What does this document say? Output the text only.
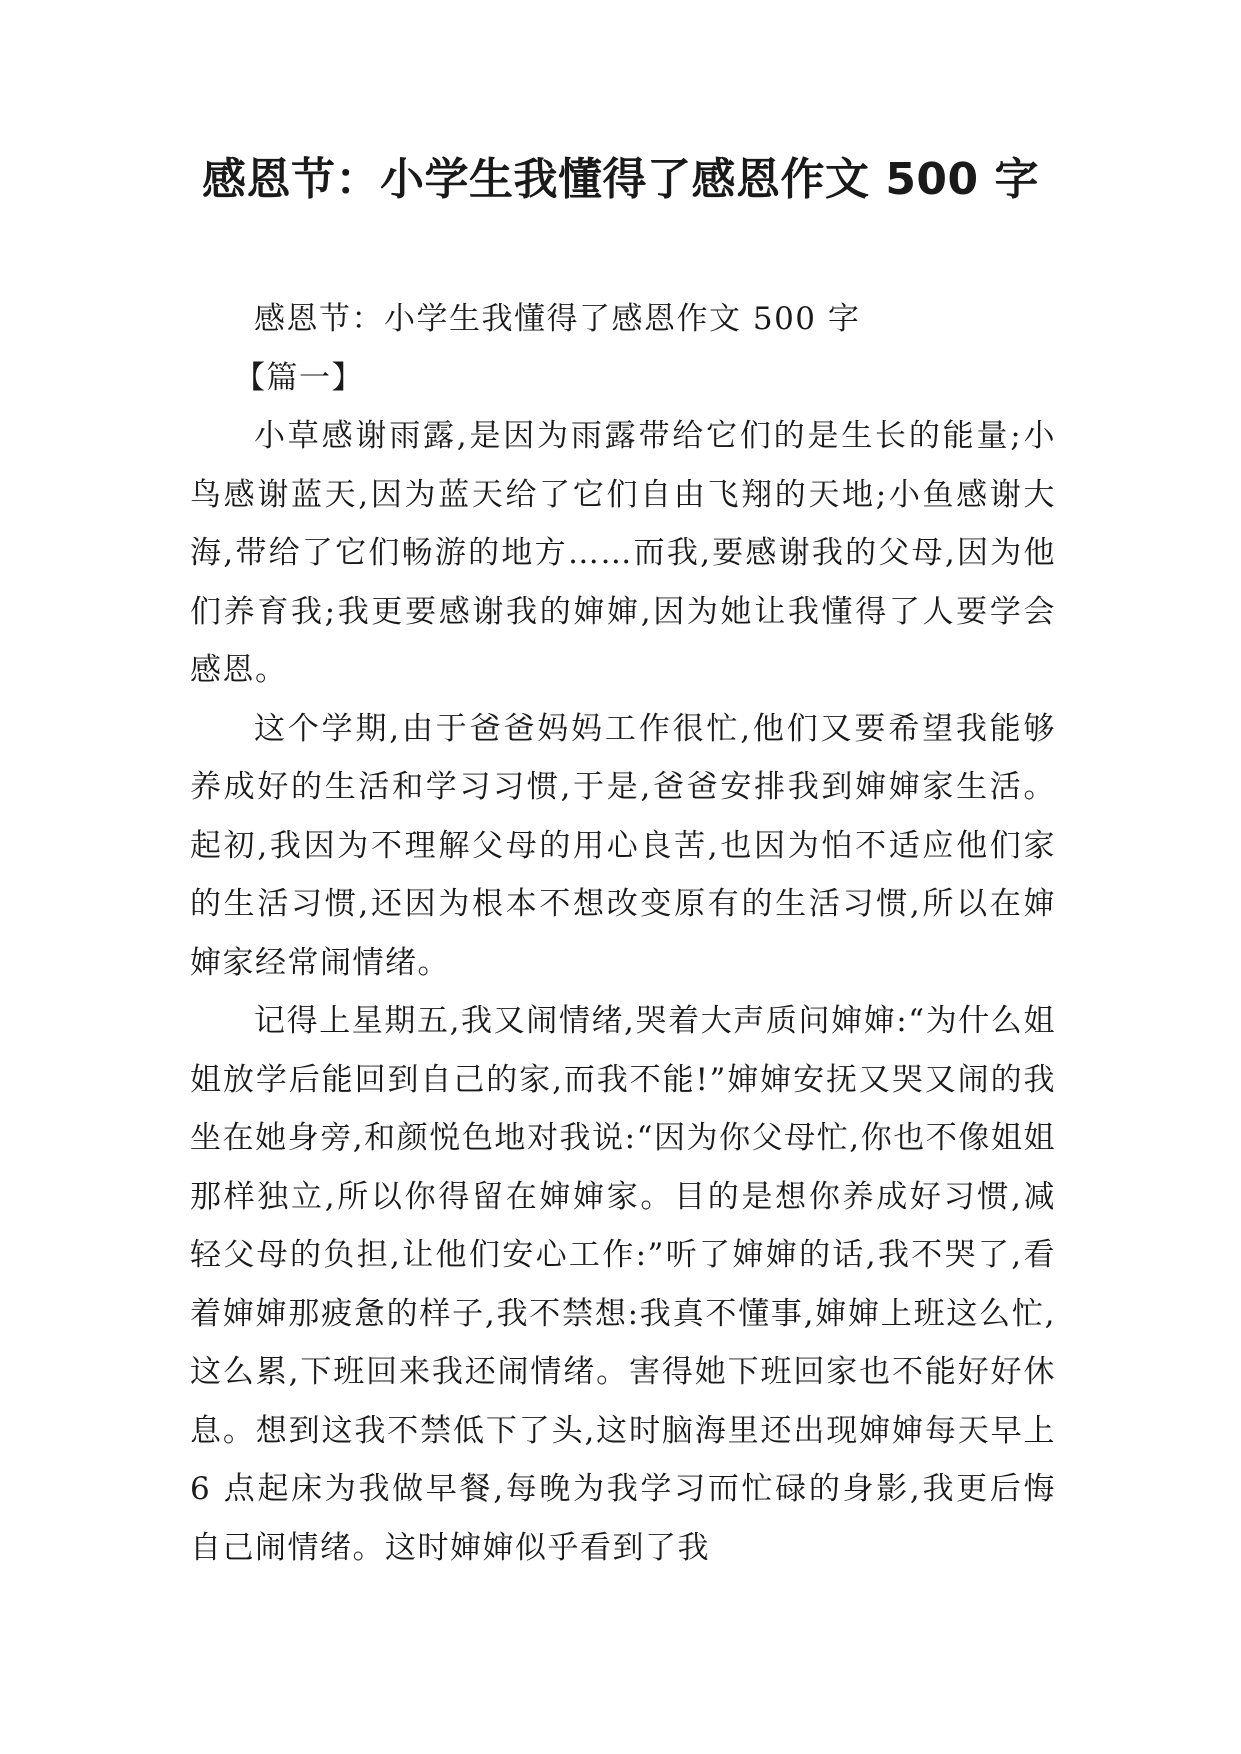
感恩节：小学生我懂得了感恩作文 500 字

感恩节：小学生我懂得了感恩作文 500 字

【篇一】

小草感谢雨露,是因为雨露带给它们的是生长的能量;小鸟感谢蓝天,因为蓝天给了它们自由飞翔的天地;小鱼感谢大海,带给了它们畅游的地方……而我,要感谢我的父母,因为他们养育我;我更要感谢我的婶婶,因为她让我懂得了人要学会感恩。

这个学期,由于爸爸妈妈工作很忙,他们又要希望我能够养成好的生活和学习习惯,于是,爸爸安排我到婶婶家生活。起初,我因为不理解父母的用心良苦,也因为怕不适应他们家的生活习惯,还因为根本不想改变原有的生活习惯,所以在婶婶家经常闹情绪。

记得上星期五,我又闹情绪,哭着大声质问婶婶:“为什么姐姐放学后能回到自己的家,而我不能!”婶婶安抚又哭又闹的我坐在她身旁,和颜悦色地对我说:“因为你父母忙,你也不像姐姐那样独立,所以你得留在婶婶家。目的是想你养成好习惯,减轻父母的负担,让他们安心工作:”听了婶婶的话,我不哭了,看着婶婶那疲惫的样子,我不禁想:我真不懂事,婶婶上班这么忙,这么累,下班回来我还闹情绪。害得她下班回家也不能好好休息。想到这我不禁低下了头,这时脑海里还出现婶婶每天早上 6 点起床为我做早餐,每晚为我学习而忙碌的身影,我更后悔自己闹情绪。这时婶婶似乎看到了我
